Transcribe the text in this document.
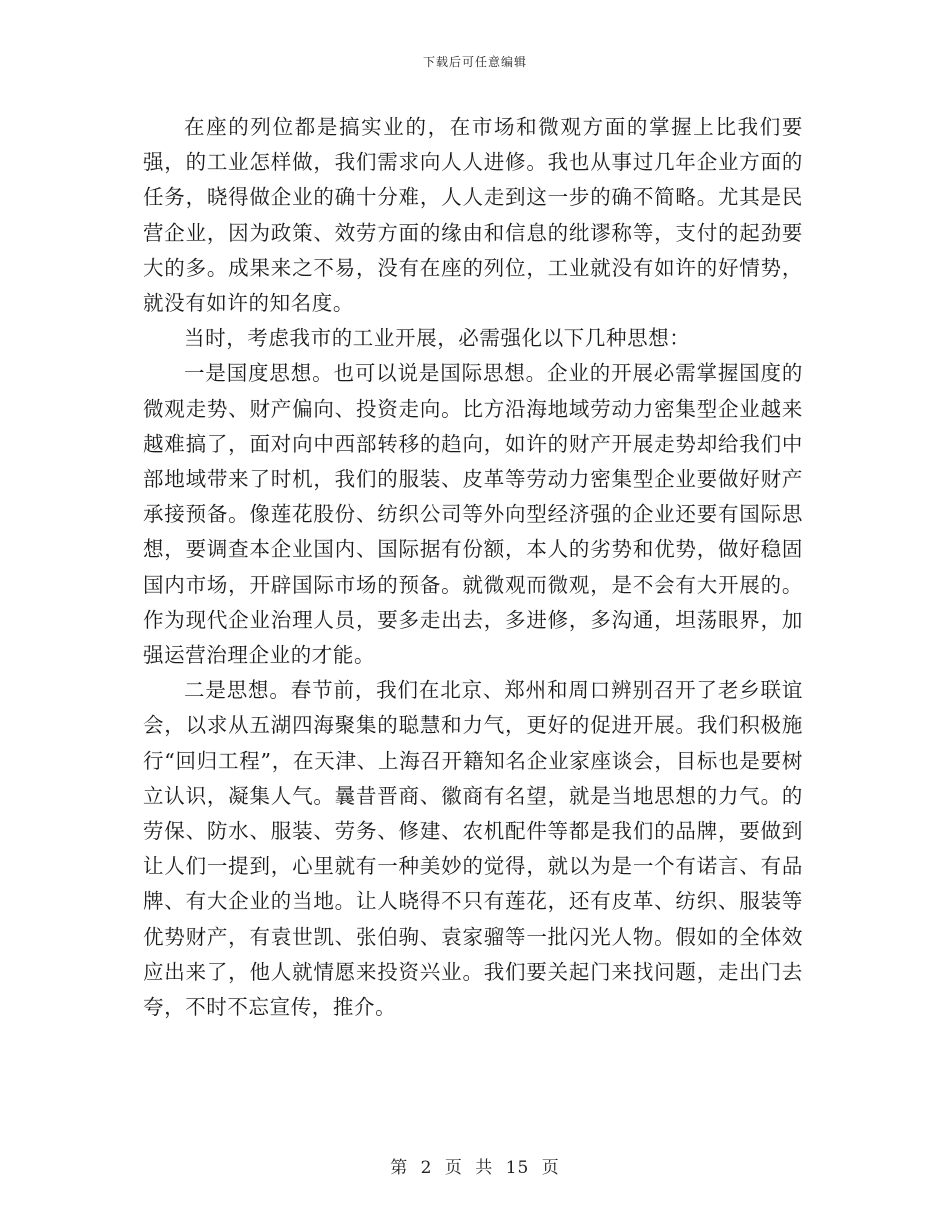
下载后可任意编辑

在座的列位都是搞实业的，在市场和微观方面的掌握上比我们要强，的工业怎样做，我们需求向人人进修。我也从事过几年企业方面的任务，晓得做企业的确十分难，人人走到这一步的确不简略。尤其是民营企业，因为政策、效劳方面的缘由和信息的纰谬称等，支付的起劲要大的多。成果来之不易，没有在座的列位，工业就没有如许的好情势，就没有如许的知名度。

当时，考虑我市的工业开展，必需强化以下几种思想：

一是国度思想。也可以说是国际思想。企业的开展必需掌握国度的微观走势、财产偏向、投资走向。比方沿海地域劳动力密集型企业越来越难搞了，面对向中西部转移的趋向，如许的财产开展走势却给我们中部地域带来了时机，我们的服装、皮革等劳动力密集型企业要做好财产承接预备。像莲花股份、纺织公司等外向型经济强的企业还要有国际思想，要调查本企业国内、国际据有份额，本人的劣势和优势，做好稳固国内市场，开辟国际市场的预备。就微观而微观，是不会有大开展的。作为现代企业治理人员，要多走出去，多进修，多沟通，坦荡眼界，加强运营治理企业的才能。

二是思想。春节前，我们在北京、郑州和周口辨别召开了老乡联谊会，以求从五湖四海聚集的聪慧和力气，更好的促进开展。我们积极施行“回归工程”，在天津、上海召开籍知名企业家座谈会，目标也是要树立认识，凝集人气。曩昔晋商、徽商有名望，就是当地思想的力气。的劳保、防水、服装、劳务、修建、农机配件等都是我们的品牌，要做到让人们一提到，心里就有一种美妙的觉得，就以为是一个有诺言、有品牌、有大企业的当地。让人晓得不只有莲花，还有皮革、纺织、服装等优势财产，有袁世凯、张伯驹、袁家骝等一批闪光人物。假如的全体效应出来了，他人就情愿来投资兴业。我们要关起门来找问题，走出门去夸，不时不忘宣传，推介。

第 2 页 共 15 页
